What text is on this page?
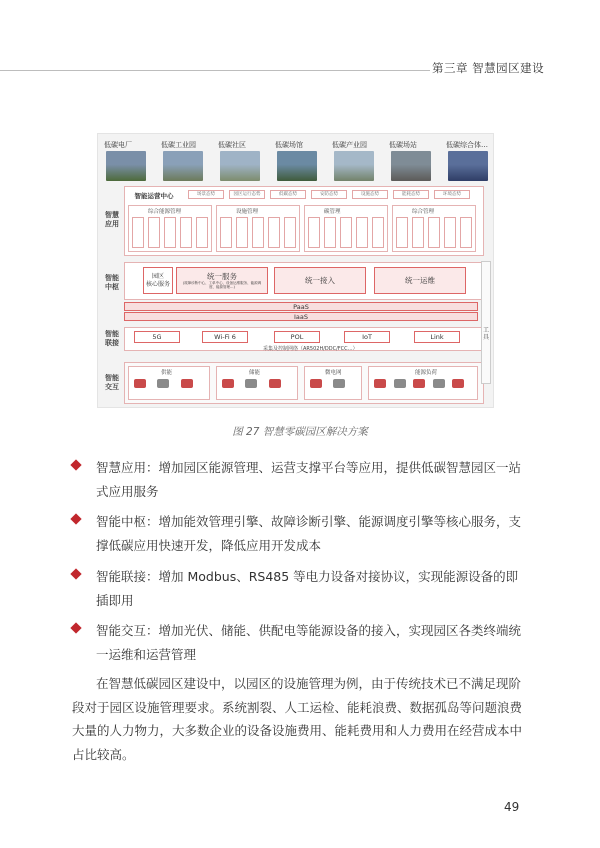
第三章 智慧园区建设
低碳电厂	低碳工业园	低碳社区	低碳场馆	低碳产业园	低碳场站	低碳综合体…
智慧
应用
智能
中枢
智能
联接
智能
交互
智能运营中心	场景态势	园区运行态势	低碳态势	安防态势	设施态势	能耗态势	环境态势
综合能源管理	设施管理	碳管理	综合管理
园区
核心服务
统一服务
(故障诊断中心、工单中心、设备运维服务、能源调度、能源管理…)
统一接入	统一运维
PaaS
IaaS
5G	Wi-Fi 6	POL	IoT	Link
采集及控制网络（AR502H/DDC/FCC…）
供能	储能	微电网	能源负荷
工
具
图 27 智慧零碳园区解决方案
智慧应用：增加园区能源管理、运营支撑平台等应用，提供低碳智慧园区一站
式应用服务
智能中枢：增加能效管理引擎、故障诊断引擎、能源调度引擎等核心服务，支
撑低碳应用快速开发，降低应用开发成本
智能联接：增加 Modbus、RS485 等电力设备对接协议，实现能源设备的即
插即用
智能交互：增加光伏、储能、供配电等能源设备的接入，实现园区各类终端统
一运维和运营管理
在智慧低碳园区建设中，以园区的设施管理为例，由于传统技术已不满足现阶
段对于园区设施管理要求。系统割裂、人工运检、能耗浪费、数据孤岛等问题浪费
大量的人力物力，大多数企业的设备设施费用、能耗费用和人力费用在经营成本中
占比较高。
49
